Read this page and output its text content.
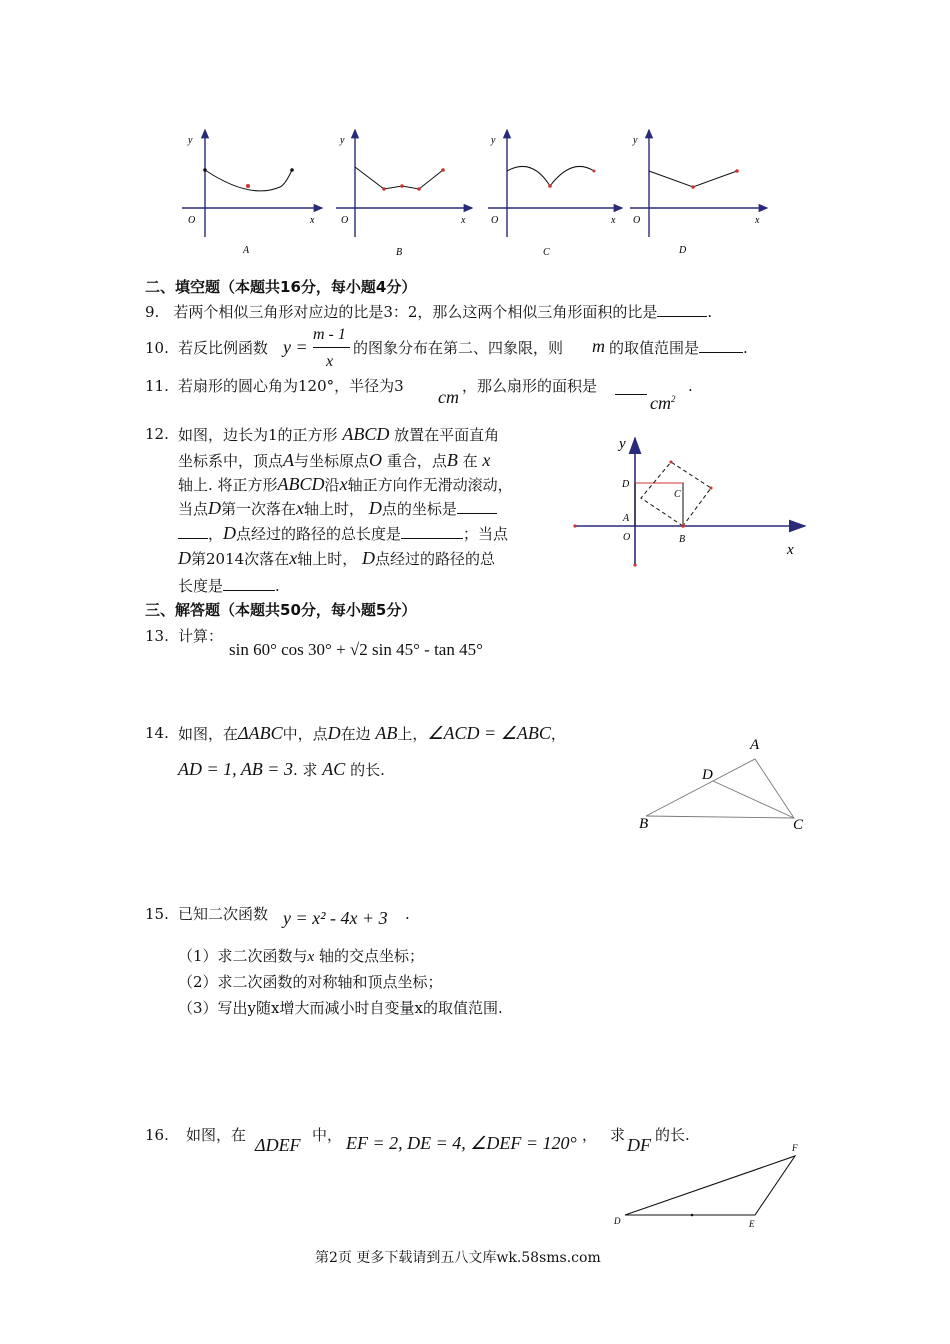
y
O	x
A
y
O	x
B
y
O	x
C
y
O	x
D
二、填空题（本题共16分，每小题4分）
9. 若两个相似三角形对应边的比是3：2，那么这两个相似三角形面积的比是	.
10. 若反比例函数 y =
m - 1
x
的图象分布在第二、四象限，则 m 的取值范围是	.
11. 若扇形的圆心角为120°，半径为3
cm
，那么扇形的面积是
$cm^2$
.
12. 如图，边长为1的正方形 ABCD 放置在平面直角
坐标系中，顶点A与坐标原点O 重合，点B 在 x
轴上. 将正方形ABCD沿x轴正方向作无滑动滚动，
当点D第一次落在x轴上时， D点的坐标是
，D点经过的路径的总长度是	；当点
D第2014次落在x轴上时， D点经过的路径的总
长度是	.
y
x
D
A
C
O	B
三、解答题（本题共50分，每小题5分）
13. 计算：
sin 60° cos 30° + √2 sin 45° - tan 45°
14. 如图，在ΔABC中，点D在边 AB上，∠ACD = ∠ABC，
AD = 1, AB = 3. 求 AC 的长.
A
D
B	C
15. 已知二次函数 y = x² - 4x + 3 .
（1）求二次函数与x 轴的交点坐标；
（2）求二次函数的对称轴和顶点坐标；
（3）写出y随x增大而减小时自变量x的取值范围.
16. 如图，在 ΔDEF 中， EF = 2, DE = 4, ∠DEF = 120° ， 求 DF 的长.
F
D	E
第2页 更多下载请到五八文库wk.58sms.com
